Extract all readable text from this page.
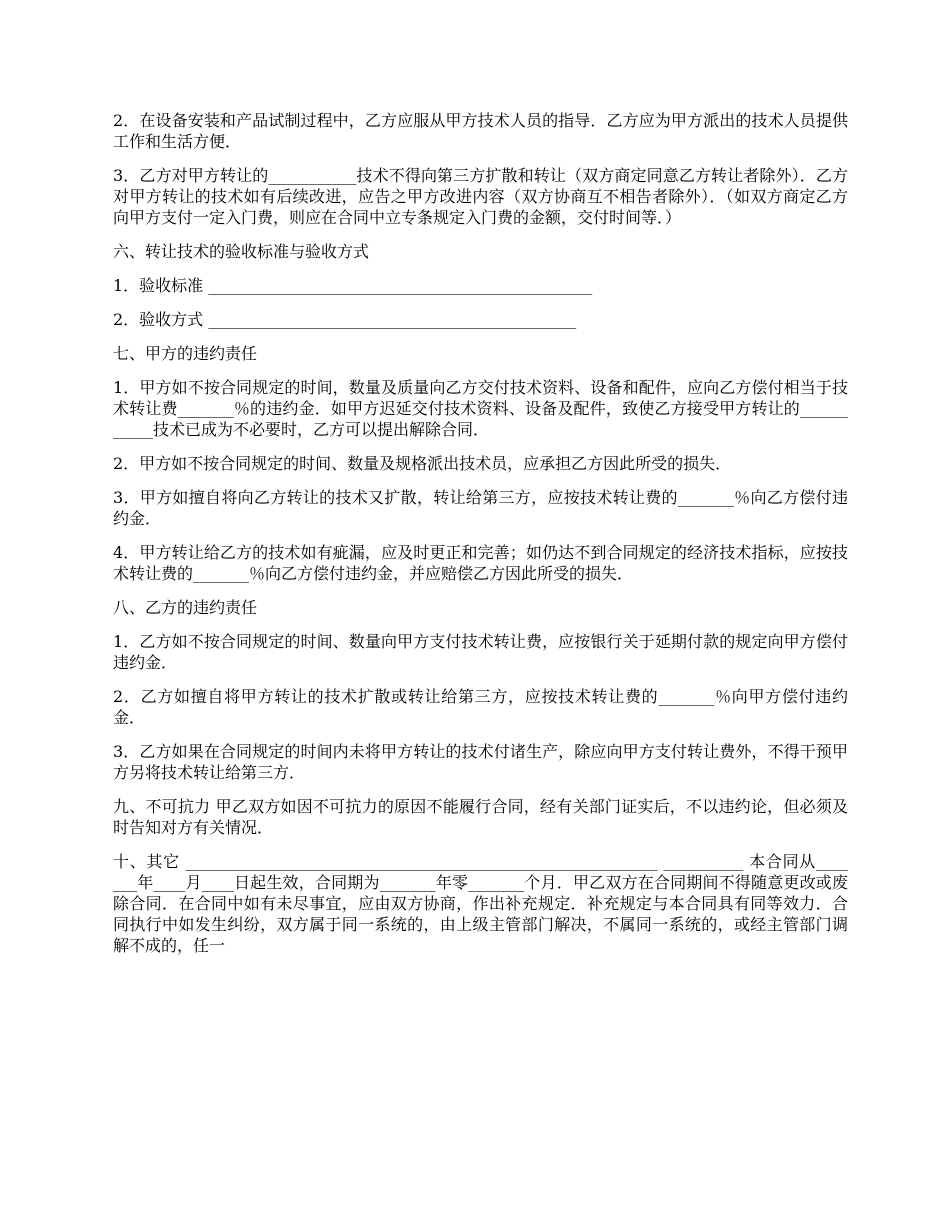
2．在设备安装和产品试制过程中，乙方应服从甲方技术人员的指导．乙方应为甲方派出的技术人员提供工作和生活方便．

3．乙方对甲方转让的___________技术不得向第三方扩散和转让（双方商定同意乙方转让者除外）．乙方对甲方转让的技术如有后续改进，应告之甲方改进内容（双方协商互不相告者除外）．（如双方商定乙方向甲方支付一定入门费，则应在合同中立专条规定入门费的金额，交付时间等．）

六、转让技术的验收标准与验收方式

1．验收标准 ________________________________________________

2．验收方式 ______________________________________________

七、甲方的违约责任

1．甲方如不按合同规定的时间，数量及质量向乙方交付技术资料、设备和配件，应向乙方偿付相当于技术转让费_______％的违约金．如甲方迟延交付技术资料、设备及配件，致使乙方接受甲方转让的___________技术已成为不必要时，乙方可以提出解除合同．

2．甲方如不按合同规定的时间、数量及规格派出技术员，应承担乙方因此所受的损失．

3．甲方如擅自将向乙方转让的技术又扩散，转让给第三方，应按技术转让费的_______％向乙方偿付违约金．

4．甲方转让给乙方的技术如有疵漏，应及时更正和完善；如仍达不到合同规定的经济技术指标，应按技术转让费的_______％向乙方偿付违约金，并应赔偿乙方因此所受的损失．

八、乙方的违约责任

1．乙方如不按合同规定的时间、数量向甲方支付技术转让费，应按银行关于延期付款的规定向甲方偿付违约金．

2．乙方如擅自将甲方转让的技术扩散或转让给第三方，应按技术转让费的_______％向甲方偿付违约金．

3．乙方如果在合同规定的时间内未将甲方转让的技术付诸生产，除应向甲方支付转让费外，不得干预甲方另将技术转让给第三方．

九、不可抗力 甲乙双方如因不可抗力的原因不能履行合同，经有关部门证实后，不以违约论，但必须及时告知对方有关情况．

十、其它 ___________________________________________________________ __________ 本合同从_______年____月____日起生效，合同期为_______年零_______个月．甲乙双方在合同期间不得随意更改或废除合同．在合同中如有未尽事宜，应由双方协商，作出补充规定．补充规定与本合同具有同等效力．合同执行中如发生纠纷，双方属于同一系统的，由上级主管部门解决，不属同一系统的，或经主管部门调解不成的，任一
